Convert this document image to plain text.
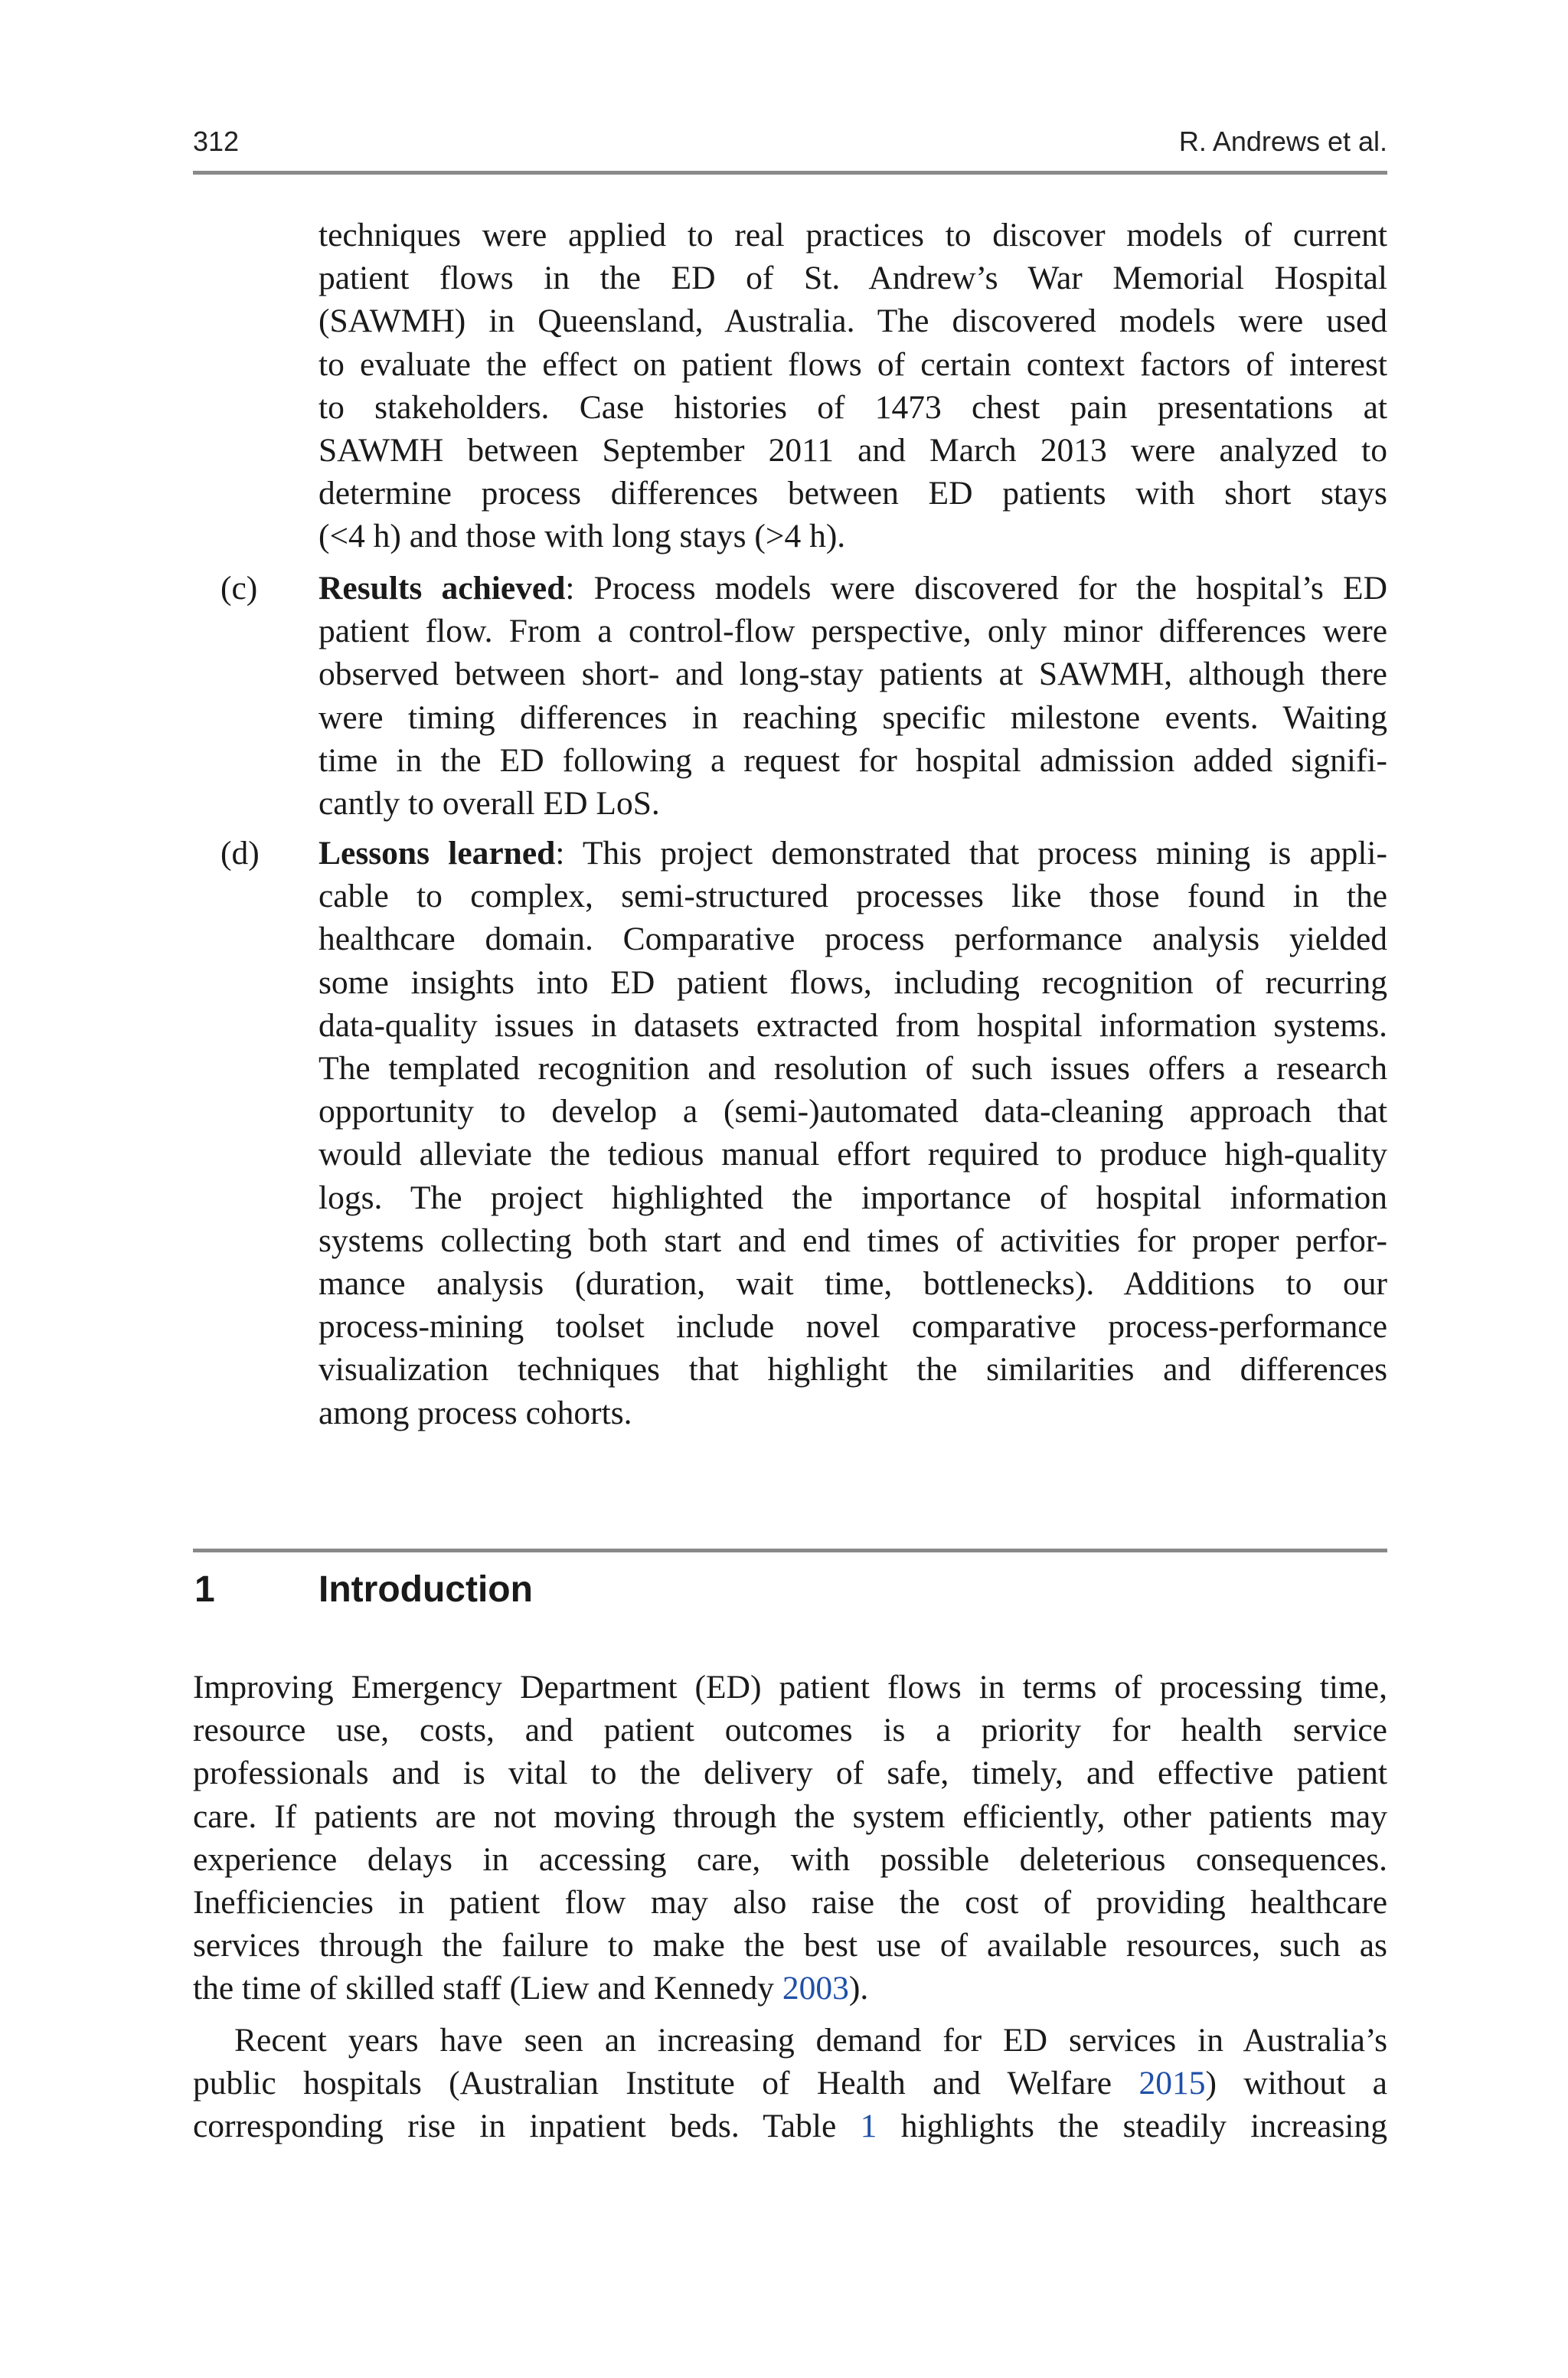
312	R. Andrews et al.
techniques were applied to real practices to discover models of current
patient flows in the ED of St. Andrew’s War Memorial Hospital
(SAWMH) in Queensland, Australia. The discovered models were used
to evaluate the effect on patient flows of certain context factors of interest
to stakeholders. Case histories of 1473 chest pain presentations at
SAWMH between September 2011 and March 2013 were analyzed to
determine process differences between ED patients with short stays
(<4 h) and those with long stays (>4 h).
(c) Results achieved: Process models were discovered for the hospital’s ED
patient flow. From a control-flow perspective, only minor differences were
observed between short- and long-stay patients at SAWMH, although there
were timing differences in reaching specific milestone events. Waiting
time in the ED following a request for hospital admission added signifi-
cantly to overall ED LoS.
(d) Lessons learned: This project demonstrated that process mining is appli-
cable to complex, semi-structured processes like those found in the
healthcare domain. Comparative process performance analysis yielded
some insights into ED patient flows, including recognition of recurring
data-quality issues in datasets extracted from hospital information systems.
The templated recognition and resolution of such issues offers a research
opportunity to develop a (semi-)automated data-cleaning approach that
would alleviate the tedious manual effort required to produce high-quality
logs. The project highlighted the importance of hospital information
systems collecting both start and end times of activities for proper perfor-
mance analysis (duration, wait time, bottlenecks). Additions to our
process-mining toolset include novel comparative process-performance
visualization techniques that highlight the similarities and differences
among process cohorts.
1	Introduction
Improving Emergency Department (ED) patient flows in terms of processing time,
resource use, costs, and patient outcomes is a priority for health service
professionals and is vital to the delivery of safe, timely, and effective patient
care. If patients are not moving through the system efficiently, other patients may
experience delays in accessing care, with possible deleterious consequences.
Inefficiencies in patient flow may also raise the cost of providing healthcare
services through the failure to make the best use of available resources, such as
the time of skilled staff (Liew and Kennedy 2003).
Recent years have seen an increasing demand for ED services in Australia’s
public hospitals (Australian Institute of Health and Welfare 2015) without a
corresponding rise in inpatient beds. Table 1 highlights the steadily increasing
